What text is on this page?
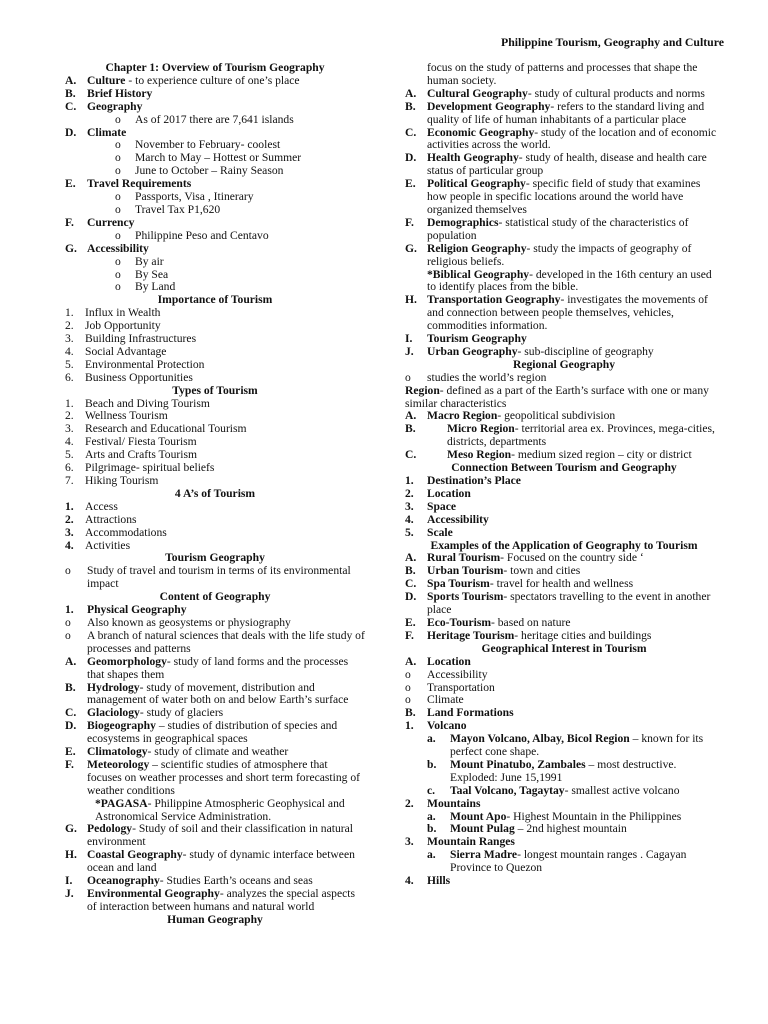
Philippine Tourism, Geography and Culture
Chapter 1: Overview of Tourism Geography
A. Culture - to experience culture of one’s place
B. Brief History
C. Geography
o	As of 2017 there are 7,641 islands
D. Climate
o	November to February- coolest
o	March to May – Hottest or Summer
o	June to October – Rainy Season
E. Travel Requirements
o	Passports, Visa , Itinerary
o	Travel Tax P1,620
F.	Currency
o	Philippine Peso and Centavo
G. Accessibility
o	By air
o	By Sea
o	By Land
Importance of Tourism
1. Influx in Wealth
2. Job Opportunity
3. Building Infrastructures
4. Social Advantage
5. Environmental Protection
6. Business Opportunities
Types of Tourism
1. Beach and Diving Tourism
2. Wellness Tourism
3. Research and Educational Tourism
4. Festival/ Fiesta Tourism
5. Arts and Crafts Tourism
6. Pilgrimage- spiritual beliefs
7. Hiking Tourism
4 A’s of Tourism
1. Access
2. Attractions
3. Accommodations
4. Activities
Tourism Geography
o	Study of travel and tourism in terms of its environmental impact
Content of Geography
1.	Physical Geography
o	Also known as geosystems or physiography
o	A branch of natural sciences that deals with the life study of processes and patterns
A. Geomorphology- study of land forms and the processes that shapes them
B. Hydrology- study of movement, distribution and management of water both on and below Earth’s surface
C. Glaciology- study of glaciers
D. Biogeography – studies of distribution of species and ecosystems in geographical spaces
E. Climatology- study of climate and weather
F.	Meteorology – scientific studies of atmosphere that focuses on weather processes and short term forecasting of weather conditions
*PAGASA- Philippine Atmospheric Geophysical and Astronomical Service Administration.
G. Pedology- Study of soil and their classification in natural environment
H. Coastal Geography- study of dynamic interface between ocean and land
I.	Oceanography- Studies Earth’s oceans and seas
J.	Environmental Geography- analyzes the special aspects of interaction between humans and natural world
Human Geography
focus on the study of patterns and processes that shape the human society.
A. Cultural Geography- study of cultural products and norms
B. Development Geography- refers to the standard living and quality of life of human inhabitants of a particular place
C. Economic Geography- study of the location and of economic activities across the world.
D. Health Geography- study of health, disease and health care status of particular group
E. Political Geography- specific field of study that examines how people in specific locations around the world have organized themselves
F.	Demographics- statistical study of the characteristics of population
G. Religion Geography- study the impacts of geography of religious beliefs.
*Biblical Geography- developed in the 16th century an used to identify places from the bible.
H. Transportation Geography- investigates the movements of and connection between people themselves, vehicles, commodities information.
I.	Tourism Geography
J.	Urban Geography- sub-discipline of geography
Regional Geography
o	studies the world’s region
Region- defined as a part of the Earth’s surface with one or many similar characteristics
A. Macro Region- geopolitical subdivision
B.	Micro Region- territorial area ex. Provinces, mega-cities, districts, departments
C.	Meso Region- medium sized region – city or district
Connection Between Tourism and Geography
1.	Destination’s Place
2.	Location
3.	Space
4.	Accessibility
5.	Scale
Examples of the Application of Geography to Tourism
A. Rural Tourism- Focused on the country side ‘
B. Urban Tourism- town and cities
C. Spa Tourism- travel for health and wellness
D. Sports Tourism- spectators travelling to the event in another place
E. Eco-Tourism- based on nature
F.	Heritage Tourism- heritage cities and buildings
Geographical Interest in Tourism
A. Location
o	Accessibility
o	Transportation
o	Climate
B. Land Formations
1.	Volcano
a.	Mayon Volcano, Albay, Bicol Region – known for its perfect cone shape.
b.	Mount Pinatubo, Zambales – most destructive. Exploded: June 15,1991
c.	Taal Volcano, Tagaytay- smallest active volcano
2.	Mountains
a.	Mount Apo- Highest Mountain in the Philippines
b.	Mount Pulag – 2nd highest mountain
3.	Mountain Ranges
a.	Sierra Madre- longest mountain ranges . Cagayan Province to Quezon
4.	Hills
